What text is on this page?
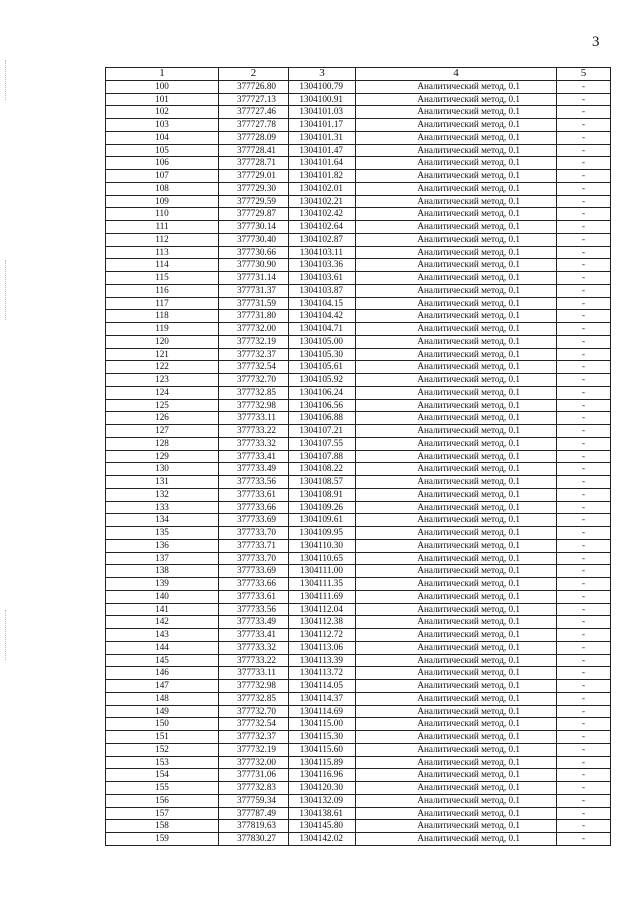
3
1	2	3	4	5
100	377726.80	1304100.79	Аналитический метод, 0.1	-
101	377727.13	1304100.91	Аналитический метод, 0.1	-
102	377727.46	1304101.03	Аналитический метод, 0.1	-
103	377727.78	1304101.17	Аналитический метод, 0.1	-
104	377728.09	1304101.31	Аналитический метод, 0.1	-
105	377728.41	1304101.47	Аналитический метод, 0.1	-
106	377728.71	1304101.64	Аналитический метод, 0.1	-
107	377729.01	1304101.82	Аналитический метод, 0.1	-
108	377729.30	1304102.01	Аналитический метод, 0.1	-
109	377729.59	1304102.21	Аналитический метод, 0.1	-
110	377729.87	1304102.42	Аналитический метод, 0.1	-
111	377730.14	1304102.64	Аналитический метод, 0.1	-
112	377730.40	1304102.87	Аналитический метод, 0.1	-
113	377730.66	1304103.11	Аналитический метод, 0.1	-
114	377730.90	1304103.36	Аналитический метод, 0.1	-
115	377731.14	1304103.61	Аналитический метод, 0.1	-
116	377731.37	1304103.87	Аналитический метод, 0.1	-
117	377731.59	1304104.15	Аналитический метод, 0.1	-
118	377731.80	1304104.42	Аналитический метод, 0.1	-
119	377732.00	1304104.71	Аналитический метод, 0.1	-
120	377732.19	1304105.00	Аналитический метод, 0.1	-
121	377732.37	1304105.30	Аналитический метод, 0.1	-
122	377732.54	1304105.61	Аналитический метод, 0.1	-
123	377732.70	1304105.92	Аналитический метод, 0.1	-
124	377732.85	1304106.24	Аналитический метод, 0.1	-
125	377732.98	1304106.56	Аналитический метод, 0.1	-
126	377733.11	1304106.88	Аналитический метод, 0.1	-
127	377733.22	1304107.21	Аналитический метод, 0.1	-
128	377733.32	1304107.55	Аналитический метод, 0.1	-
129	377733.41	1304107.88	Аналитический метод, 0.1	-
130	377733.49	1304108.22	Аналитический метод, 0.1	-
131	377733.56	1304108.57	Аналитический метод, 0.1	-
132	377733.61	1304108.91	Аналитический метод, 0.1	-
133	377733.66	1304109.26	Аналитический метод, 0.1	-
134	377733.69	1304109.61	Аналитический метод, 0.1	-
135	377733.70	1304109.95	Аналитический метод, 0.1	-
136	377733.71	1304110.30	Аналитический метод, 0.1	-
137	377733.70	1304110.65	Аналитический метод, 0.1	-
138	377733.69	1304111.00	Аналитический метод, 0.1	-
139	377733.66	1304111.35	Аналитический метод, 0.1	-
140	377733.61	1304111.69	Аналитический метод, 0.1	-
141	377733.56	1304112.04	Аналитический метод, 0.1	-
142	377733.49	1304112.38	Аналитический метод, 0.1	-
143	377733.41	1304112.72	Аналитический метод, 0.1	-
144	377733.32	1304113.06	Аналитический метод, 0.1	-
145	377733.22	1304113.39	Аналитический метод, 0.1	-
146	377733.11	1304113.72	Аналитический метод, 0.1	-
147	377732.98	1304114.05	Аналитический метод, 0.1	-
148	377732.85	1304114.37	Аналитический метод, 0.1	-
149	377732.70	1304114.69	Аналитический метод, 0.1	-
150	377732.54	1304115.00	Аналитический метод, 0.1	-
151	377732.37	1304115.30	Аналитический метод, 0.1	-
152	377732.19	1304115.60	Аналитический метод, 0.1	-
153	377732.00	1304115.89	Аналитический метод, 0.1	-
154	377731.06	1304116.96	Аналитический метод, 0.1	-
155	377732.83	1304120.30	Аналитический метод, 0.1	-
156	377759.34	1304132.09	Аналитический метод, 0.1	-
157	377787.49	1304138.61	Аналитический метод, 0.1	-
158	377819.63	1304145.80	Аналитический метод, 0.1	-
159	377830.27	1304142.02	Аналитический метод, 0.1	-
